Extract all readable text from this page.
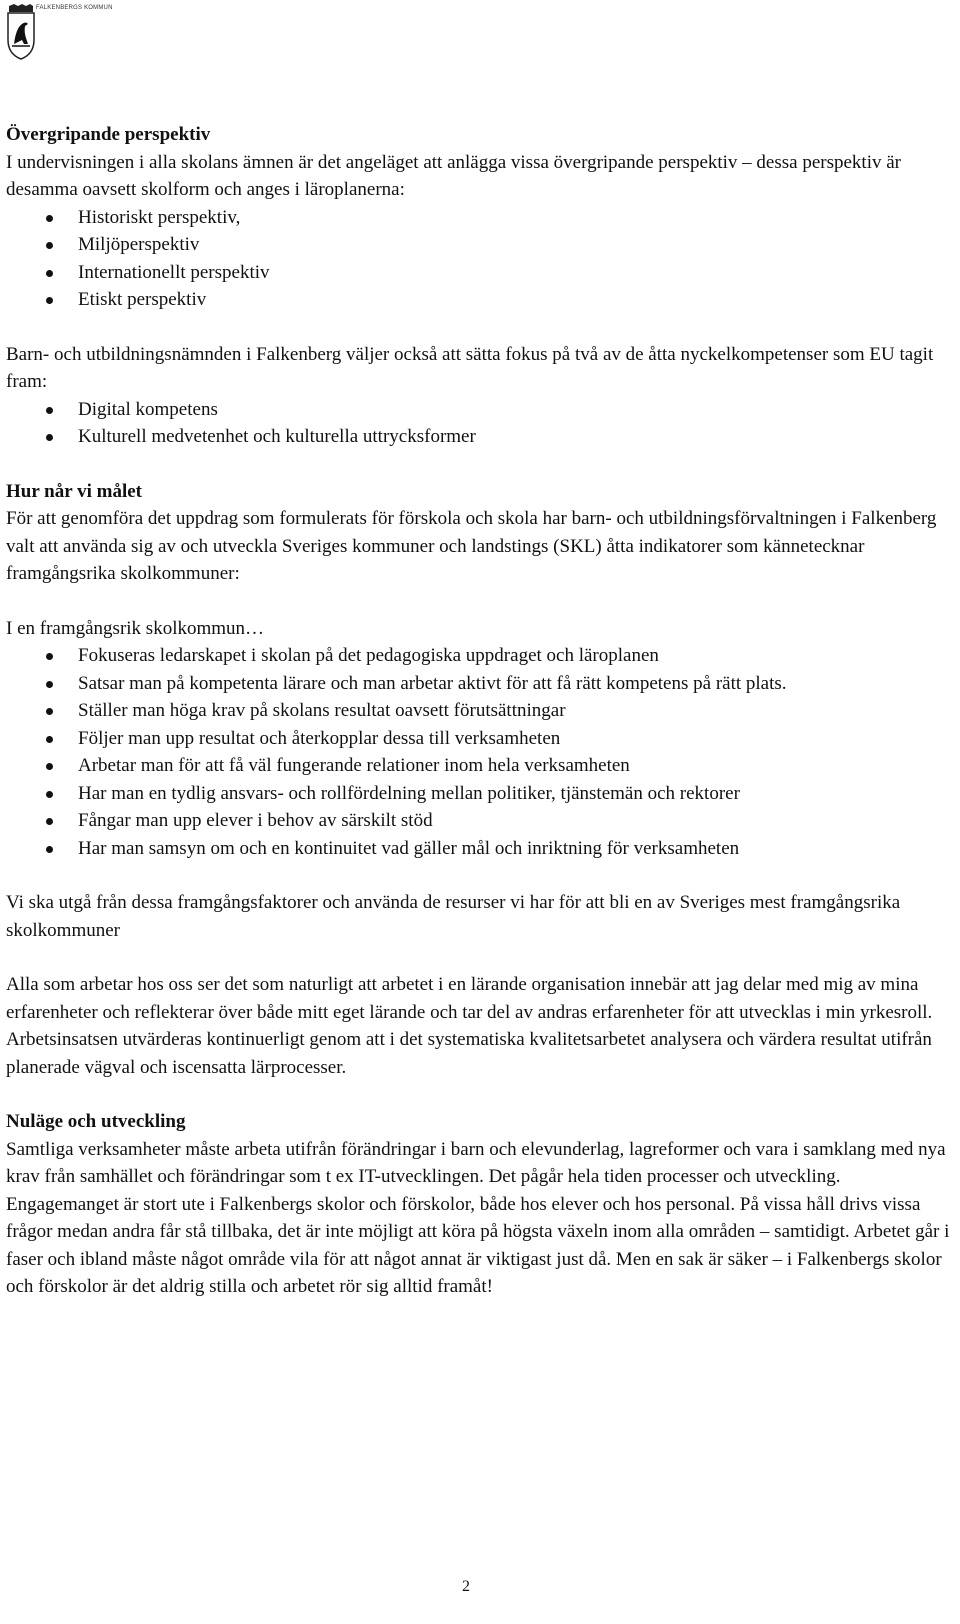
FALKENBERGS KOMMUN
Övergripande perspektiv

I undervisningen i alla skolans ämnen är det angeläget att anlägga vissa övergripande perspektiv – dessa perspektiv är desamma oavsett skolform och anges i läroplanerna:

Historiskt perspektiv,
Miljöperspektiv
Internationellt perspektiv
Etiskt perspektiv

Barn- och utbildningsnämnden i Falkenberg väljer också att sätta fokus på två av de åtta nyckelkompetenser som EU tagit fram:

Digital kompetens
Kulturell medvetenhet och kulturella uttrycksformer
Hur når vi målet

För att genomföra det uppdrag som formulerats för förskola och skola har barn- och utbildningsförvaltningen i Falkenberg valt att använda sig av och utveckla Sveriges kommuner och landstings (SKL) åtta indikatorer som kännetecknar framgångsrika skolkommuner:

I en framgångsrik skolkommun…

Fokuseras ledarskapet i skolan på det pedagogiska uppdraget och läroplanen
Satsar man på kompetenta lärare och man arbetar aktivt för att få rätt kompetens på rätt plats.
Ställer man höga krav på skolans resultat oavsett förutsättningar
Följer man upp resultat och återkopplar dessa till verksamheten
Arbetar man för att få väl fungerande relationer inom hela verksamheten
Har man en tydlig ansvars- och rollfördelning mellan politiker, tjänstemän och rektorer
Fångar man upp elever i behov av särskilt stöd
Har man samsyn om och en kontinuitet vad gäller mål och inriktning för verksamheten

Vi ska utgå från dessa framgångsfaktorer och använda de resurser vi har för att bli en av Sveriges mest framgångsrika skolkommuner

Alla som arbetar hos oss ser det som naturligt att arbetet i en lärande organisation innebär att jag delar med mig av mina erfarenheter och reflekterar över både mitt eget lärande och tar del av andras erfarenheter för att utvecklas i min yrkesroll. Arbetsinsatsen utvärderas kontinuerligt genom att i det systematiska kvalitetsarbetet analysera och värdera resultat utifrån planerade vägval och iscensatta lärprocesser.

Nuläge och utveckling

Samtliga verksamheter måste arbeta utifrån förändringar i barn och elevunderlag, lagreformer och vara i samklang med nya krav från samhället och förändringar som t ex IT-utvecklingen. Det pågår hela tiden processer och utveckling. Engagemanget är stort ute i Falkenbergs skolor och förskolor, både hos elever och hos personal. På vissa håll drivs vissa frågor medan andra får stå tillbaka, det är inte möjligt att köra på högsta växeln inom alla områden – samtidigt. Arbetet går i faser och ibland måste något område vila för att något annat är viktigast just då. Men en sak är säker – i Falkenbergs skolor och förskolor är det aldrig stilla och arbetet rör sig alltid framåt!

2
